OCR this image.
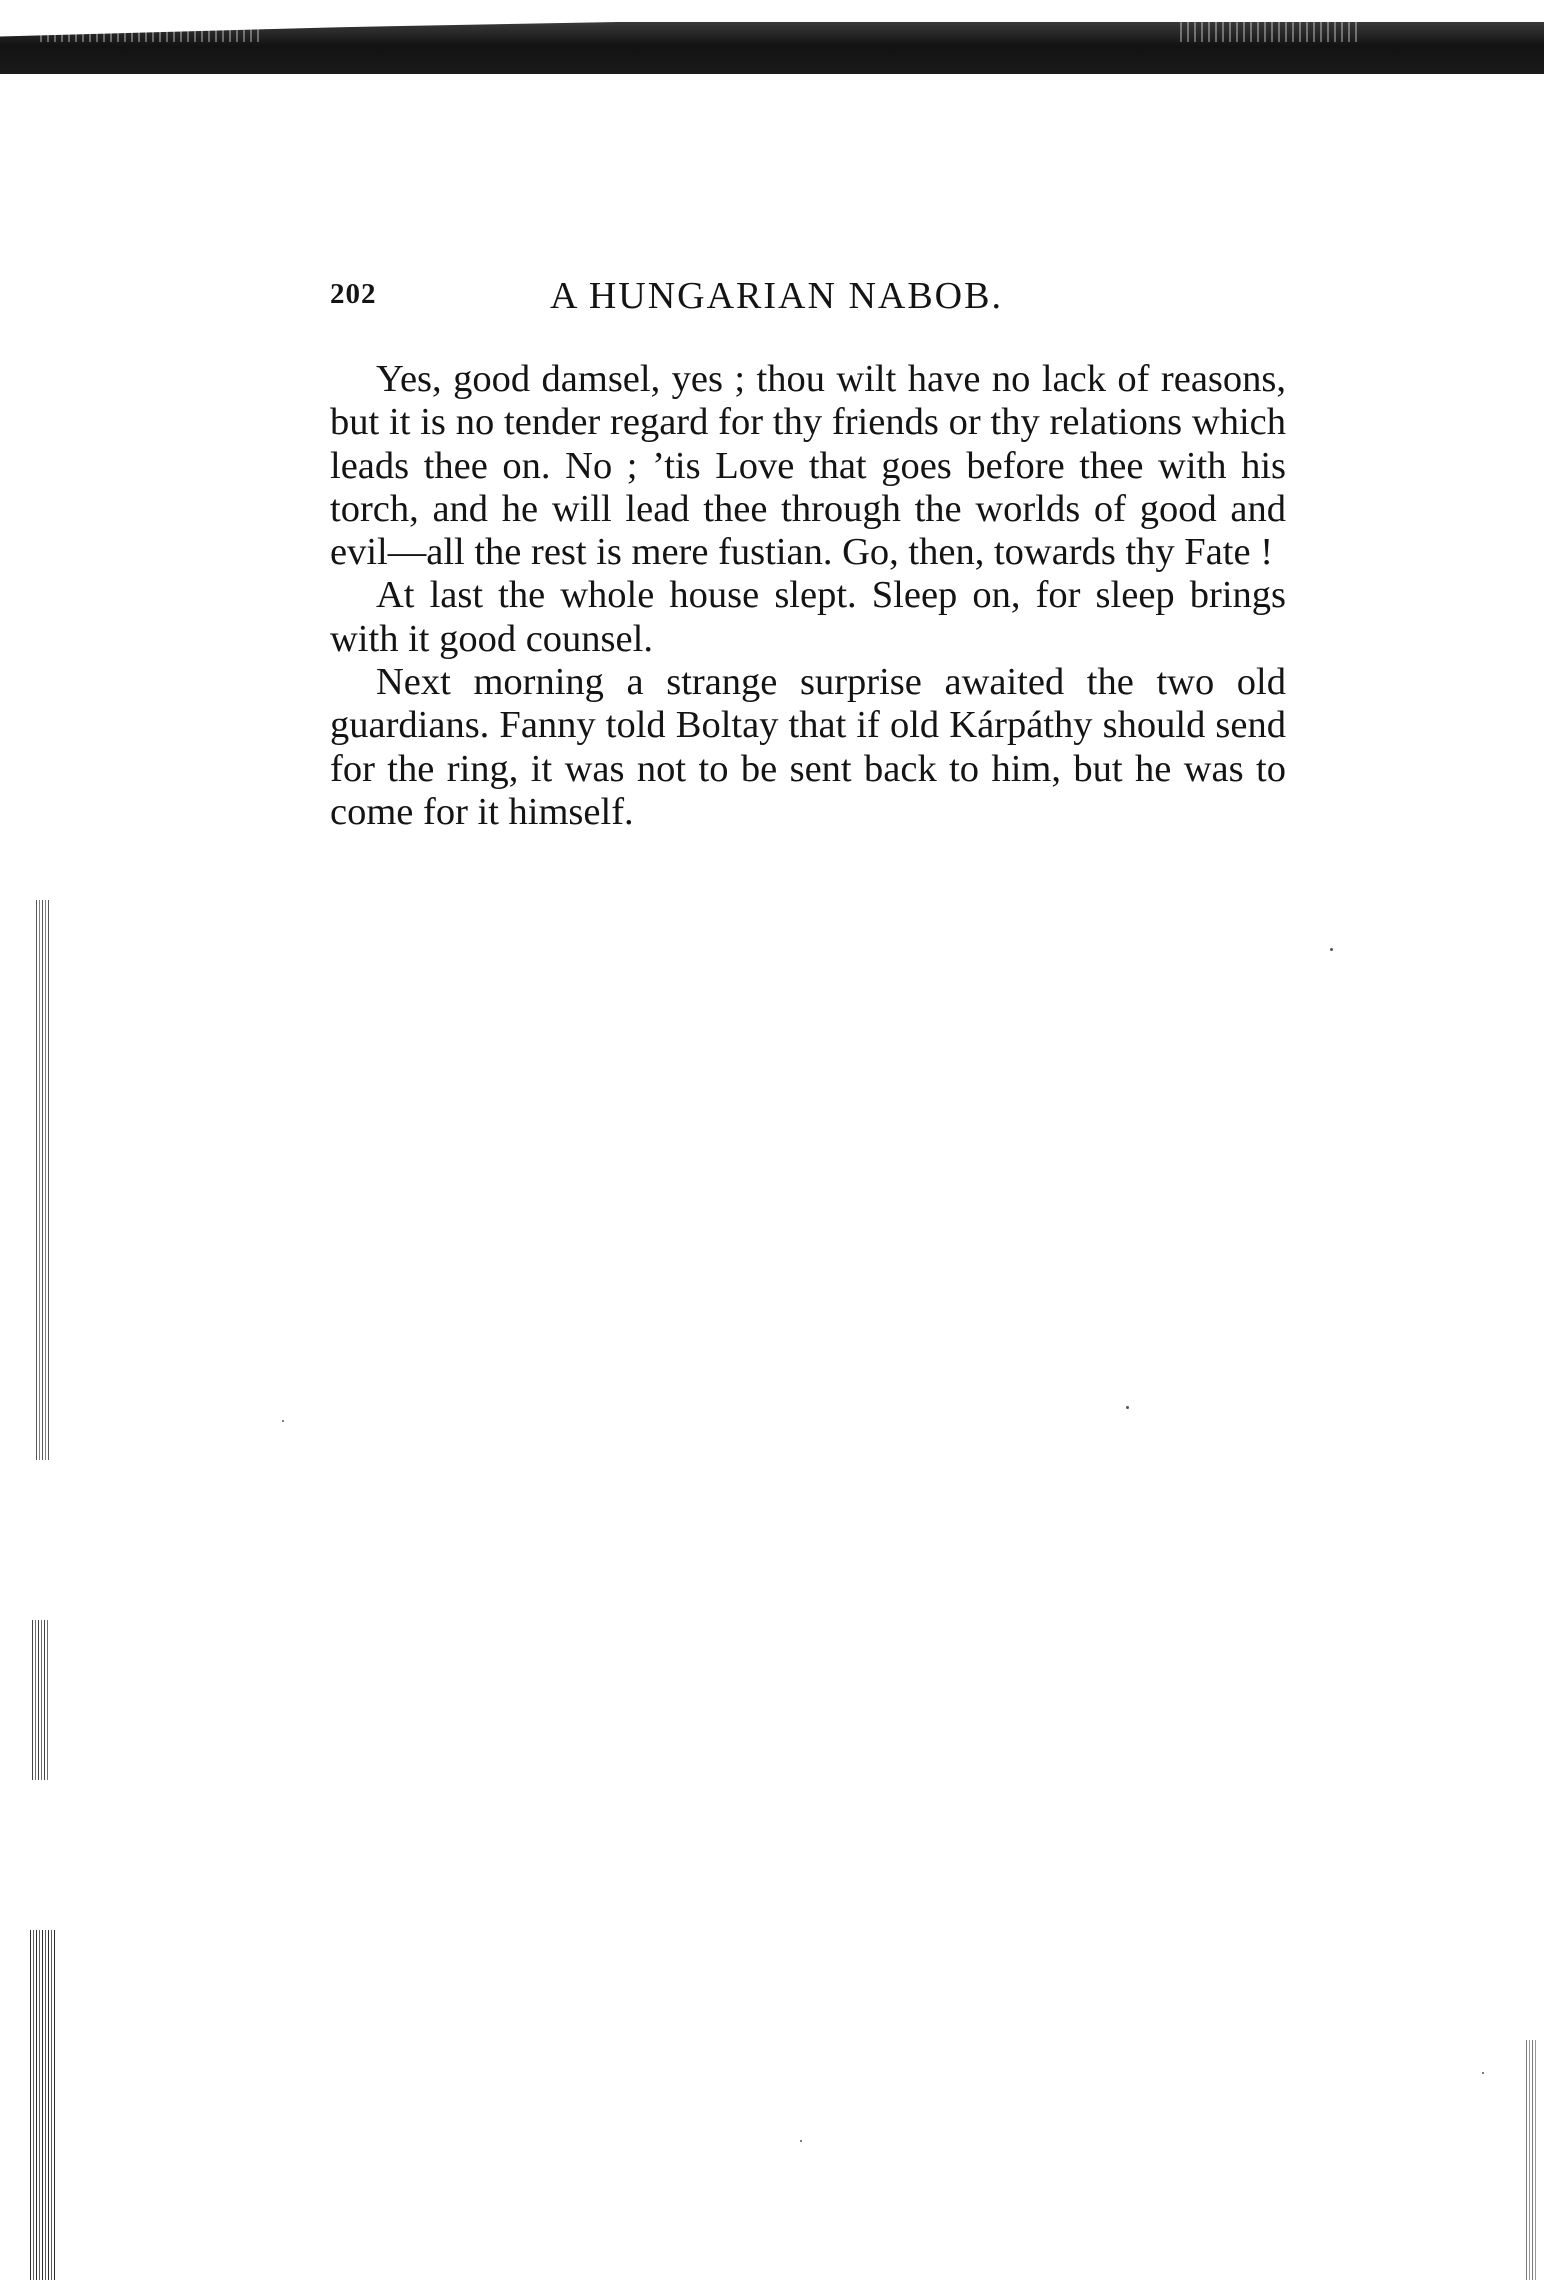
202	A HUNGARIAN NABOB.

Yes, good damsel, yes ; thou wilt have no lack of reasons, but it is no tender regard for thy friends or thy relations which leads thee on. No ; ’tis Love that goes before thee with his torch, and he will lead thee through the worlds of good and evil—all the rest is mere fustian. Go, then, towards thy Fate !

At last the whole house slept. Sleep on, for sleep brings with it good counsel.

Next morning a strange surprise awaited the two old guardians. Fanny told Boltay that if old Kárpáthy should send for the ring, it was not to be sent back to him, but he was to come for it himself.
